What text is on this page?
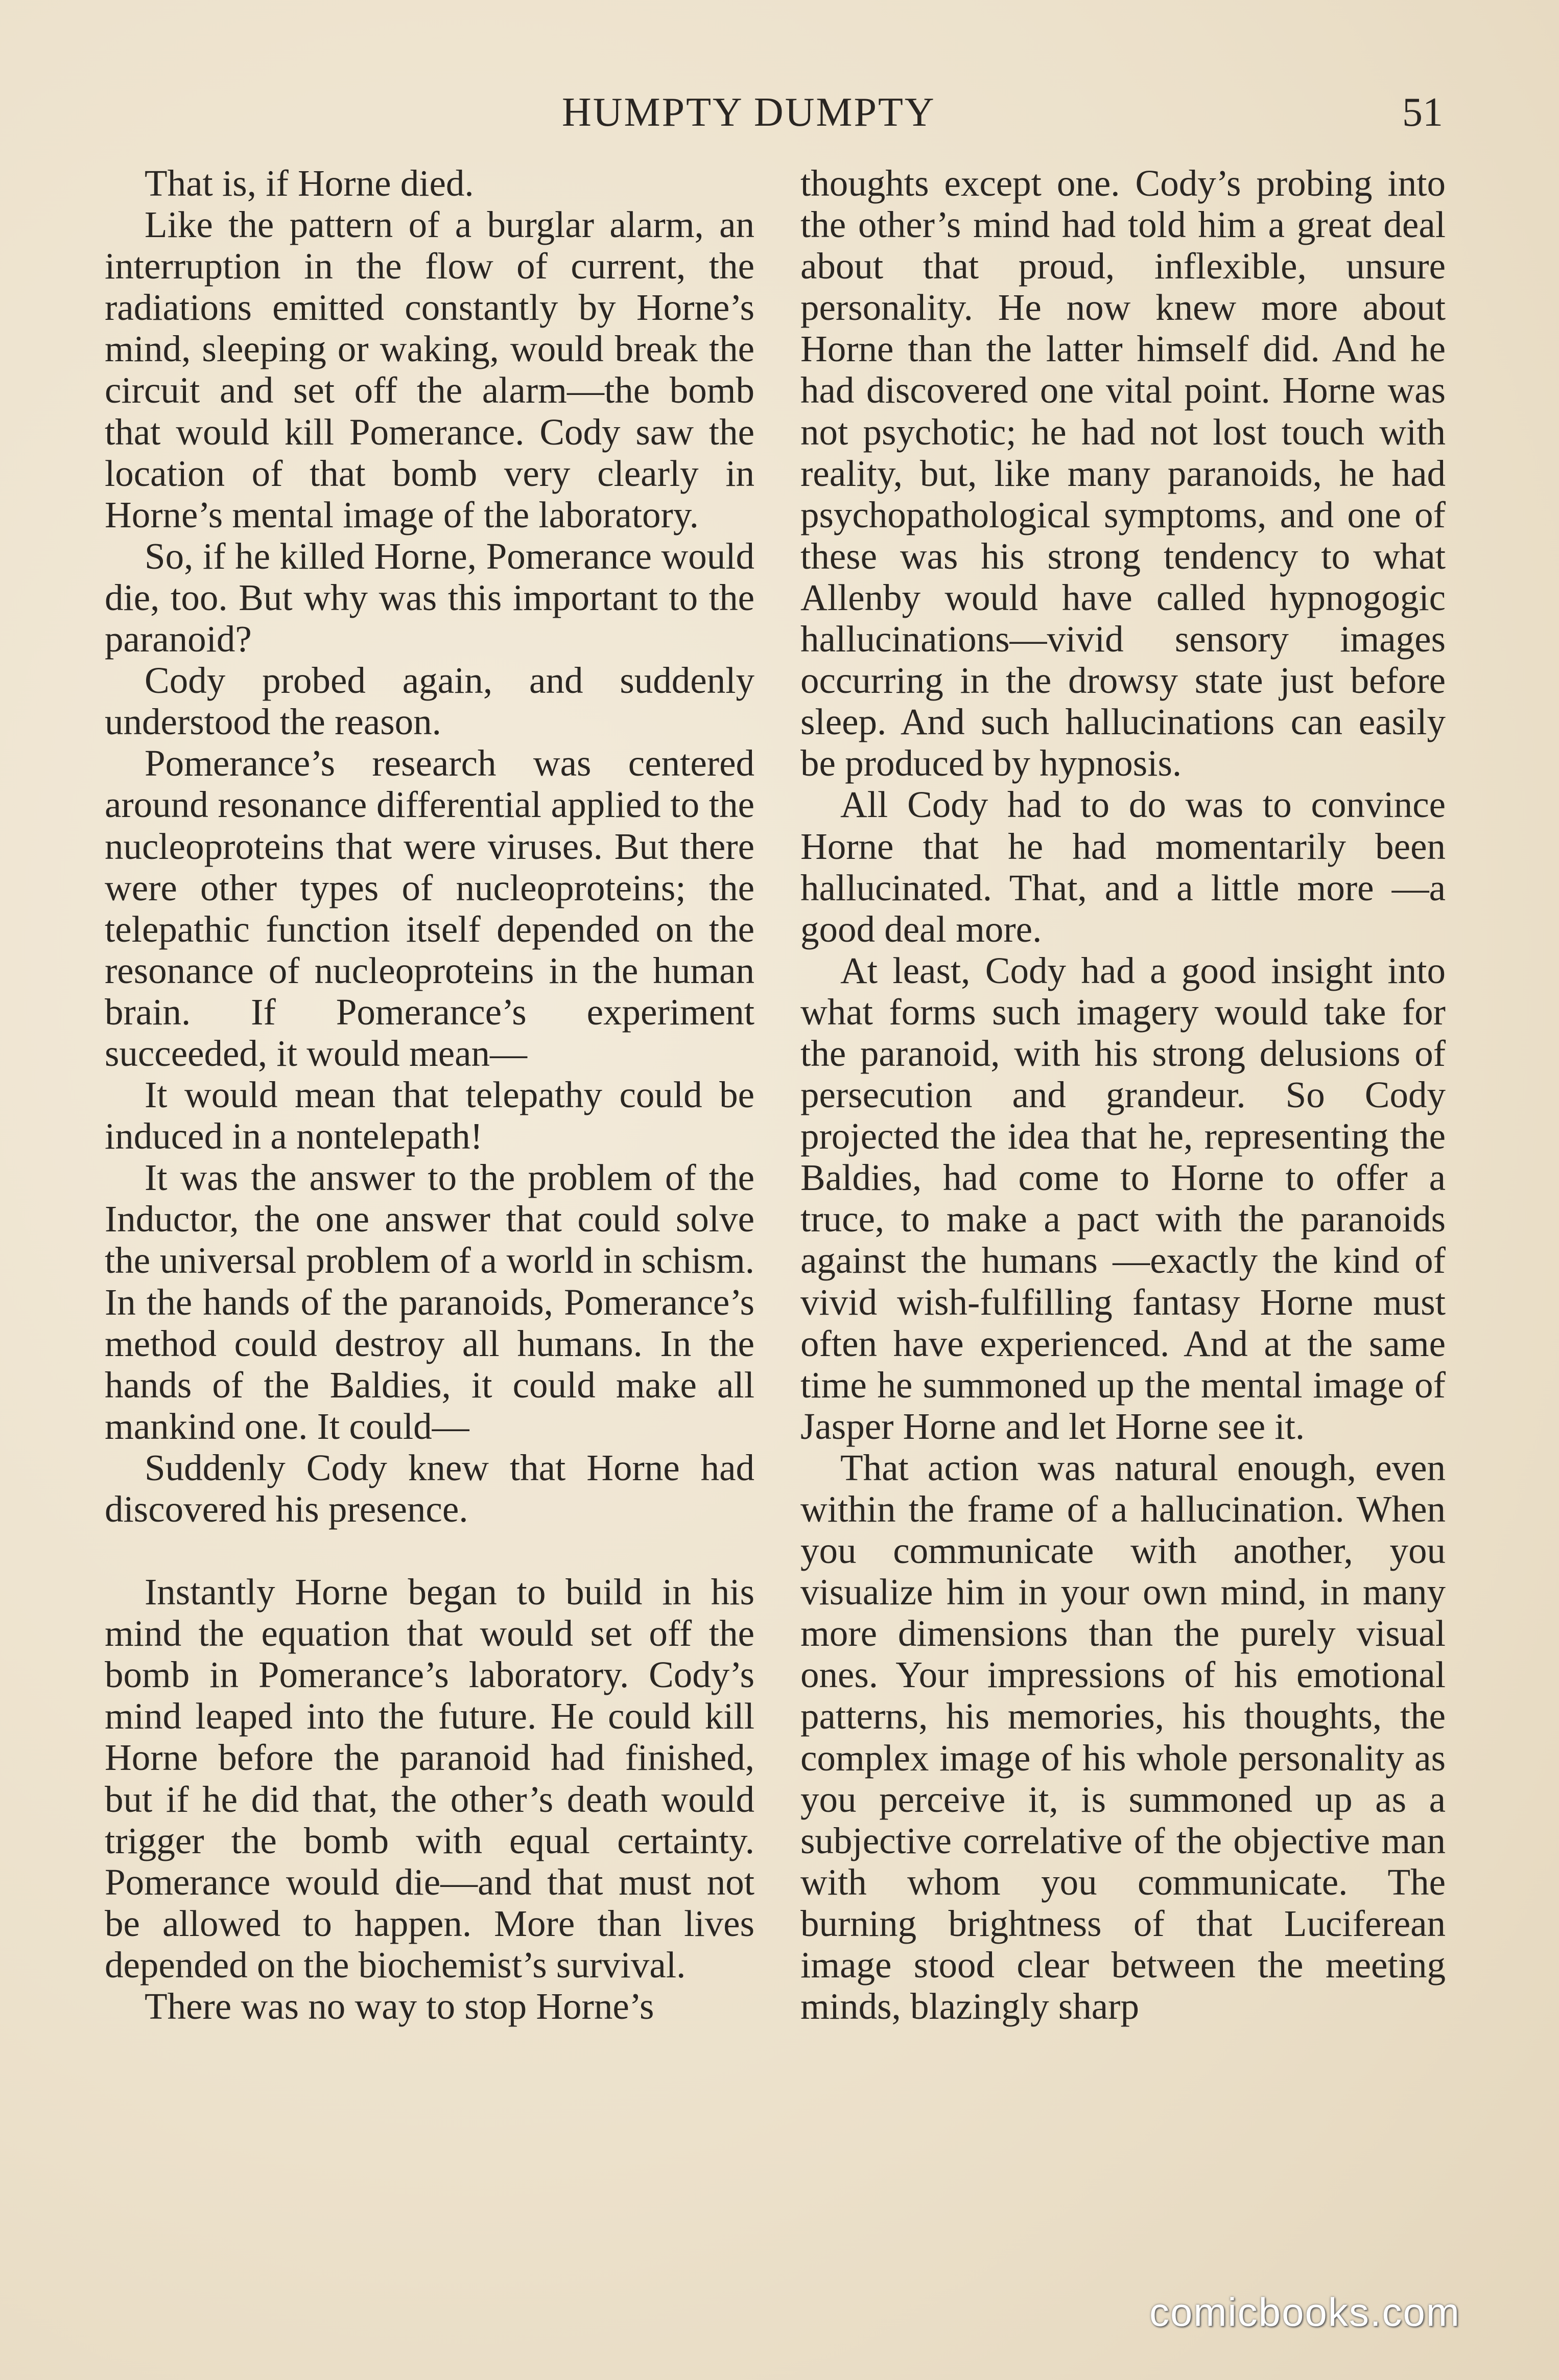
HUMPTY DUMPTY	51

That is, if Horne died.

Like the pattern of a burglar alarm, an interruption in the flow of current, the radiations emitted constantly by Horne’s mind, sleeping or waking, would break the circuit and set off the alarm—the bomb that would kill Pomerance. Cody saw the location of that bomb very clearly in Horne’s mental image of the laboratory.

So, if he killed Horne, Pomerance would die, too. But why was this important to the paranoid?

Cody probed again, and suddenly understood the reason.

Pomerance’s research was centered around resonance differential applied to the nucleoproteins that were viruses. But there were other types of nucleoproteins; the telepathic function itself depended on the resonance of nucleoproteins in the human brain. If Pomerance’s experiment succeeded, it would mean—

It would mean that telepathy could be induced in a nontelepath!

It was the answer to the problem of the Inductor, the one answer that could solve the universal problem of a world in schism. In the hands of the paranoids, Pomerance’s method could destroy all humans. In the hands of the Baldies, it could make all mankind one. It could—

Suddenly Cody knew that Horne had discovered his presence.

Instantly Horne began to build in his mind the equation that would set off the bomb in Pomerance’s laboratory. Cody’s mind leaped into the future. He could kill Horne before the paranoid had finished, but if he did that, the other’s death would trigger the bomb with equal certainty. Pomerance would die—and that must not be allowed to happen. More than lives depended on the biochemist’s survival.

There was no way to stop Horne’s

thoughts except one. Cody’s probing into the other’s mind had told him a great deal about that proud, inflexible, unsure personality. He now knew more about Horne than the latter himself did. And he had discovered one vital point. Horne was not psychotic; he had not lost touch with reality, but, like many paranoids, he had psychopathological symptoms, and one of these was his strong tendency to what Allenby would have called hypnogogic hallucinations—vivid sensory images occurring in the drowsy state just before sleep. And such hallucinations can easily be produced by hypnosis.

All Cody had to do was to convince Horne that he had momentarily been hallucinated. That, and a little more —a good deal more.

At least, Cody had a good insight into what forms such imagery would take for the paranoid, with his strong delusions of persecution and grandeur. So Cody projected the idea that he, representing the Baldies, had come to Horne to offer a truce, to make a pact with the paranoids against the humans —exactly the kind of vivid wish-fulfilling fantasy Horne must often have experienced. And at the same time he summoned up the mental image of Jasper Horne and let Horne see it.

That action was natural enough, even within the frame of a hallucination. When you communicate with another, you visualize him in your own mind, in many more dimensions than the purely visual ones. Your impressions of his emotional patterns, his memories, his thoughts, the complex image of his whole personality as you perceive it, is summoned up as a subjective correlative of the objective man with whom you communicate. The burning brightness of that Luciferean image stood clear between the meeting minds, blazingly sharp

comicbooks.com
